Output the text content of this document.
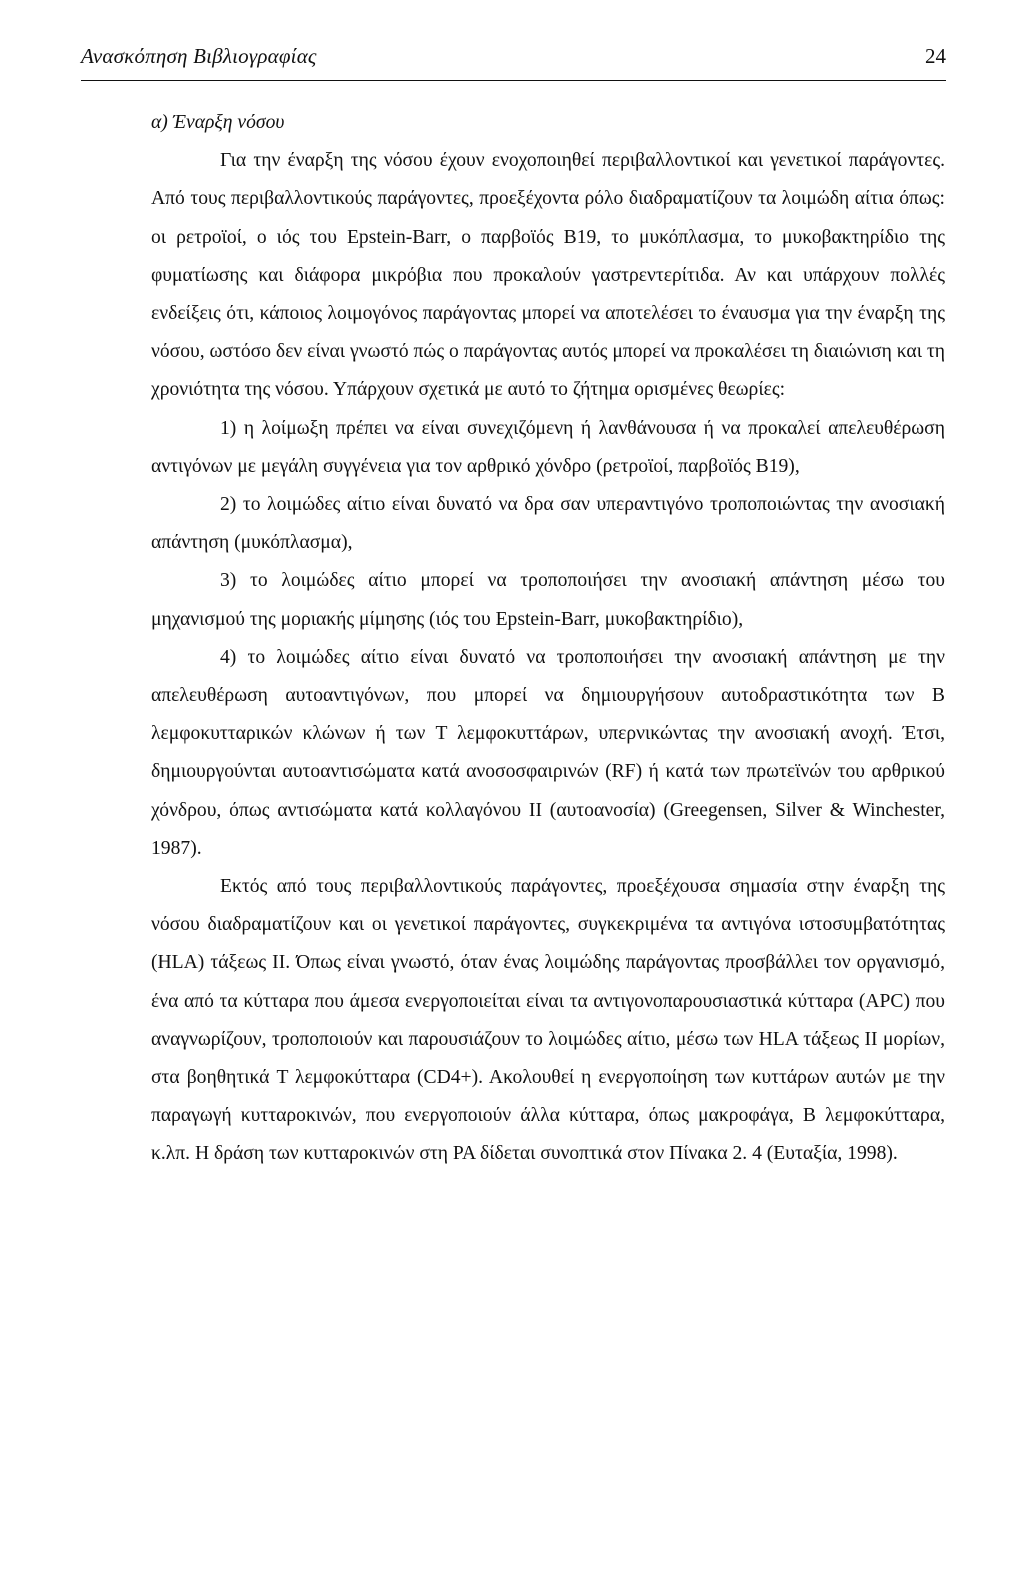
Ανασκόπηση Βιβλιογραφίας	24

α) Έναρξη νόσου

Για την έναρξη της νόσου έχουν ενοχοποιηθεί περιβαλλοντικοί και γενετικοί παράγοντες. Από τους περιβαλλοντικούς παράγοντες, προεξέχοντα ρόλο διαδραματίζουν τα λοιμώδη αίτια όπως: οι ρετροϊοί, ο ιός του Epstein-Barr, ο παρβοϊός B19, το μυκόπλασμα, το μυκοβακτηρίδιο της φυματίωσης και διάφορα μικρόβια που προκαλούν γαστρεντερίτιδα. Αν και υπάρχουν πολλές ενδείξεις ότι, κάποιος λοιμογόνος παράγοντας μπορεί να αποτελέσει το έναυσμα για την έναρξη της νόσου, ωστόσο δεν είναι γνωστό πώς ο παράγοντας αυτός μπορεί να προκαλέσει τη διαιώνιση και τη χρονιότητα της νόσου. Υπάρχουν σχετικά με αυτό το ζήτημα ορισμένες θεωρίες:

1) η λοίμωξη πρέπει να είναι συνεχιζόμενη ή λανθάνουσα ή να προκαλεί απελευθέρωση αντιγόνων με μεγάλη συγγένεια για τον αρθρικό χόνδρο (ρετροϊοί, παρβοϊός B19),

2) το λοιμώδες αίτιο είναι δυνατό να δρα σαν υπεραντιγόνο τροποποιώντας την ανοσιακή απάντηση (μυκόπλασμα),

3) το λοιμώδες αίτιο μπορεί να τροποποιήσει την ανοσιακή απάντηση μέσω του μηχανισμού της μοριακής μίμησης (ιός του Epstein-Barr, μυκοβακτηρίδιο),

4) το λοιμώδες αίτιο είναι δυνατό να τροποποιήσει την ανοσιακή απάντηση με την απελευθέρωση αυτοαντιγόνων, που μπορεί να δημιουργήσουν αυτοδραστικότητα των B λεμφοκυτταρικών κλώνων ή των T λεμφοκυττάρων, υπερνικώντας την ανοσιακή ανοχή. Έτσι, δημιουργούνται αυτοαντισώματα κατά ανοσοσφαιρινών (RF) ή κατά των πρωτεϊνών του αρθρικού χόνδρου, όπως αντισώματα κατά κολλαγόνου II (αυτοανοσία) (Greegensen, Silver & Winchester, 1987).

Εκτός από τους περιβαλλοντικούς παράγοντες, προεξέχουσα σημασία στην έναρξη της νόσου διαδραματίζουν και οι γενετικοί παράγοντες, συγκεκριμένα τα αντιγόνα ιστοσυμβατότητας (HLA) τάξεως II. Όπως είναι γνωστό, όταν ένας λοιμώδης παράγοντας προσβάλλει τον οργανισμό, ένα από τα κύτταρα που άμεσα ενεργοποιείται είναι τα αντιγονοπαρουσιαστικά κύτταρα (APC) που αναγνωρίζουν, τροποποιούν και παρουσιάζουν το λοιμώδες αίτιο, μέσω των HLA τάξεως II μορίων, στα βοηθητικά T λεμφοκύτταρα (CD4+). Ακολουθεί η ενεργοποίηση των κυττάρων αυτών με την παραγωγή κυτταροκινών, που ενεργοποιούν άλλα κύτταρα, όπως μακροφάγα, B λεμφοκύτταρα, κ.λπ. Η δράση των κυτταροκινών στη PA δίδεται συνοπτικά στον Πίνακα 2. 4 (Ευταξία, 1998).
